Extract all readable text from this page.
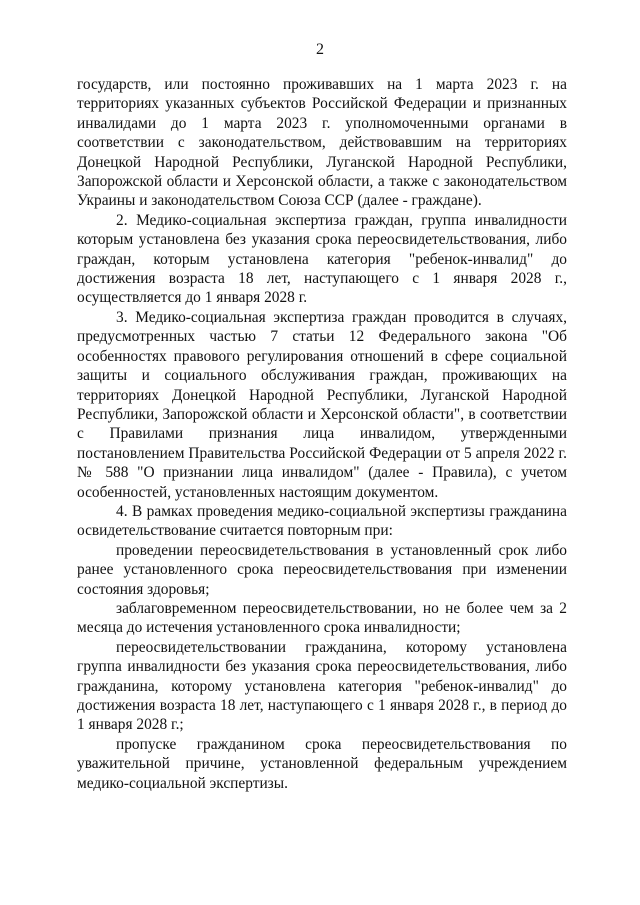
2

государств, или постоянно проживавших на 1 марта 2023 г. на территориях указанных субъектов Российской Федерации и признанных инвалидами до 1 марта 2023 г. уполномоченными органами в соответствии с законодательством, действовавшим на территориях Донецкой Народной Республики, Луганской Народной Республики, Запорожской области и Херсонской области, а также с законодательством Украины и законодательством Союза ССР (далее - граждане).

2. Медико-социальная экспертиза граждан, группа инвалидности которым установлена без указания срока переосвидетельствования, либо граждан, которым установлена категория "ребенок-инвалид" до достижения возраста 18 лет, наступающего с 1 января 2028 г., осуществляется до 1 января 2028 г.

3. Медико-социальная экспертиза граждан проводится в случаях, предусмотренных частью 7 статьи 12 Федерального закона "Об особенностях правового регулирования отношений в сфере социальной защиты и социального обслуживания граждан, проживающих на территориях Донецкой Народной Республики, Луганской Народной Республики, Запорожской области и Херсонской области", в соответствии с Правилами признания лица инвалидом, утвержденными постановлением Правительства Российской Федерации от 5 апреля 2022 г. № 588 "О признании лица инвалидом" (далее - Правила), с учетом особенностей, установленных настоящим документом.

4. В рамках проведения медико-социальной экспертизы гражданина освидетельствование считается повторным при:

проведении переосвидетельствования в установленный срок либо ранее установленного срока переосвидетельствования при изменении состояния здоровья;

заблаговременном переосвидетельствовании, но не более чем за 2 месяца до истечения установленного срока инвалидности;

переосвидетельствовании гражданина, которому установлена группа инвалидности без указания срока переосвидетельствования, либо гражданина, которому установлена категория "ребенок-инвалид" до достижения возраста 18 лет, наступающего с 1 января 2028 г., в период до 1 января 2028 г.;

пропуске гражданином срока переосвидетельствования по уважительной причине, установленной федеральным учреждением медико-социальной экспертизы.
